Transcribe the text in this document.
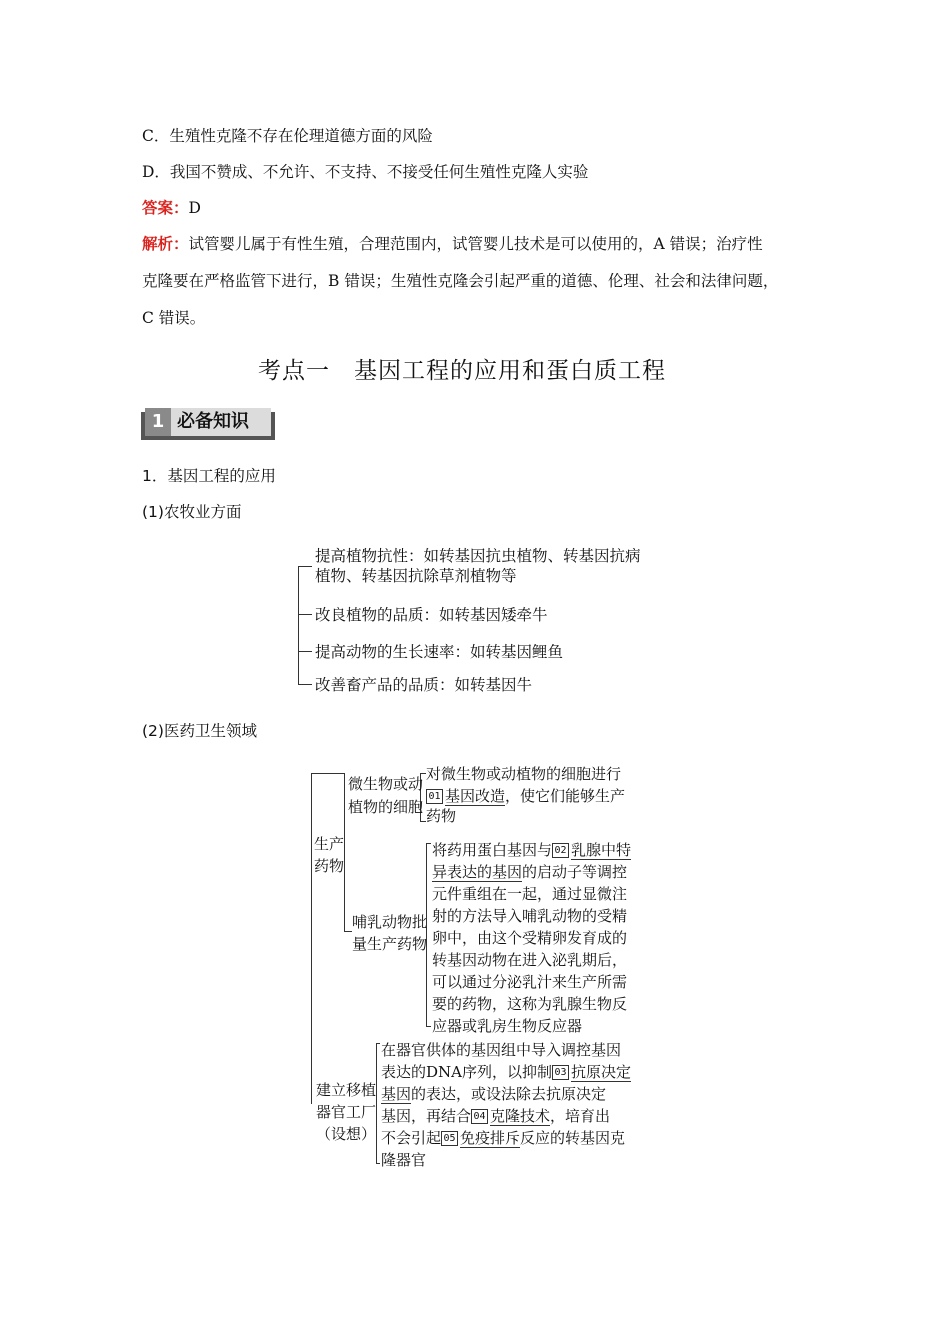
C．生殖性克隆不存在伦理道德方面的风险
D．我国不赞成、不允许、不支持、不接受任何生殖性克隆人实验
答案：D
解析：试管婴儿属于有性生殖，合理范围内，试管婴儿技术是可以使用的，A 错误；治疗性
克隆要在严格监管下进行，B 错误；生殖性克隆会引起严重的道德、伦理、社会和法律问题，
C 错误。
考点一　基因工程的应用和蛋白质工程
1 必备知识
1．基因工程的应用
(1)农牧业方面
提高植物抗性：如转基因抗虫植物、转基因抗病
植物、转基因抗除草剂植物等
改良植物的品质：如转基因矮牵牛
提高动物的生长速率：如转基因鲤鱼
改善畜产品的品质：如转基因牛
(2)医药卫生领域
生产
药物
微生物或动
植物的细胞
对微生物或动植物的细胞进行
01 基因改造，使它们能够生产
药物
哺乳动物批
量生产药物
将药用蛋白基因与 02 乳腺中特
异表达的基因的启动子等调控
元件重组在一起，通过显微注
射的方法导入哺乳动物的受精
卵中，由这个受精卵发育成的
转基因动物在进入泌乳期后，
可以通过分泌乳汁来生产所需
要的药物，这称为乳腺生物反
应器或乳房生物反应器
建立移植
器官工厂
（设想）
在器官供体的基因组中导入调控基因
表达的DNA序列，以抑制 03 抗原决定
基因的表达，或设法除去抗原决定
基因，再结合 04 克隆技术，培育出
不会引起 05 免疫排斥反应的转基因克
隆器官
